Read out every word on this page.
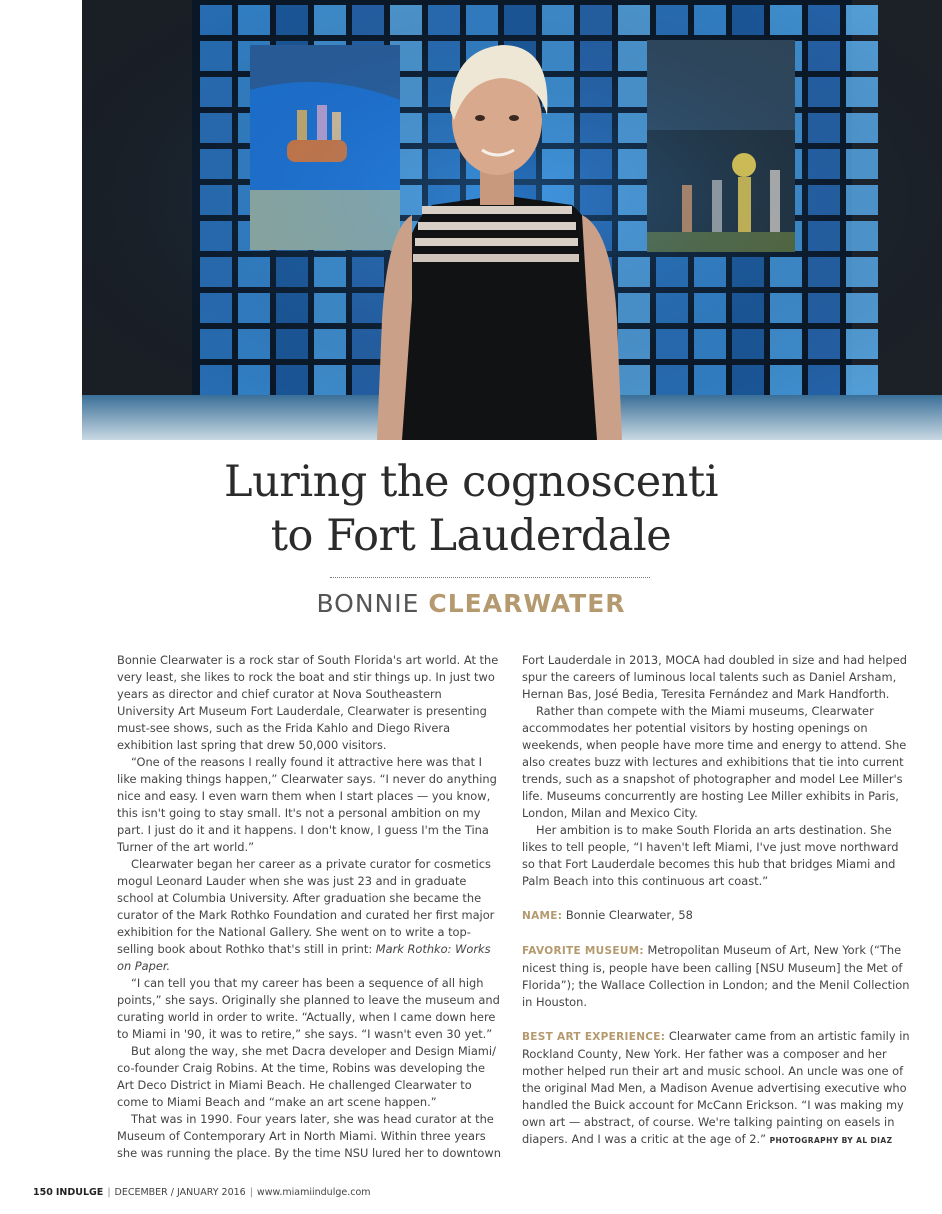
Luring the cognoscenti
to Fort Lauderdale
BONNIE CLEARWATER

Bonnie Clearwater is a rock star of South Florida's art world. At the very least, she likes to rock the boat and stir things up. In just two years as director and chief curator at Nova Southeastern University Art Museum Fort Lauderdale, Clearwater is presenting must-see shows, such as the Frida Kahlo and Diego Rivera exhibition last spring that drew 50,000 visitors.

“One of the reasons I really found it attractive here was that I like making things happen,” Clearwater says. “I never do anything nice and easy. I even warn them when I start places — you know, this isn't going to stay small. It's not a personal ambition on my part. I just do it and it happens. I don't know, I guess I'm the Tina Turner of the art world.”

Clearwater began her career as a private curator for cosmetics mogul Leonard Lauder when she was just 23 and in graduate school at Columbia University. After graduation she became the curator of the Mark Rothko Foundation and curated her first major exhibition for the National Gallery. She went on to write a top-selling book about Rothko that's still in print: Mark Rothko: Works on Paper.

“I can tell you that my career has been a sequence of all high points,” she says. Originally she planned to leave the museum and curating world in order to write. “Actually, when I came down here to Miami in '90, it was to retire,” she says. “I wasn't even 30 yet.”

But along the way, she met Dacra developer and Design Miami/ co-founder Craig Robins. At the time, Robins was developing the Art Deco District in Miami Beach. He challenged Clearwater to come to Miami Beach and “make an art scene happen.”

That was in 1990. Four years later, she was head curator at the Museum of Contemporary Art in North Miami. Within three years she was running the place. By the time NSU lured her to downtown

Fort Lauderdale in 2013, MOCA had doubled in size and had helped spur the careers of luminous local talents such as Daniel Arsham, Hernan Bas, José Bedia, Teresita Fernández and Mark Handforth.

Rather than compete with the Miami museums, Clearwater accommodates her potential visitors by hosting openings on weekends, when people have more time and energy to attend. She also creates buzz with lectures and exhibitions that tie into current trends, such as a snapshot of photographer and model Lee Miller's life. Museums concurrently are hosting Lee Miller exhibits in Paris, London, Milan and Mexico City.

Her ambition is to make South Florida an arts destination. She likes to tell people, “I haven't left Miami, I've just move northward so that Fort Lauderdale becomes this hub that bridges Miami and Palm Beach into this continuous art coast.”

NAME: Bonnie Clearwater, 58

FAVORITE MUSEUM: Metropolitan Museum of Art, New York (“The nicest thing is, people have been calling [NSU Museum] the Met of Florida”); the Wallace Collection in London; and the Menil Collection in Houston.

BEST ART EXPERIENCE: Clearwater came from an artistic family in Rockland County, New York. Her father was a composer and her mother helped run their art and music school. An uncle was one of the original Mad Men, a Madison Avenue advertising executive who handled the Buick account for McCann Erickson. “I was making my own art — abstract, of course. We're talking painting on easels in diapers. And I was a critic at the age of 2.” PHOTOGRAPHY BY AL DIAZ

150 INDULGE | DECEMBER / JANUARY 2016 | www.miamiindulge.com
